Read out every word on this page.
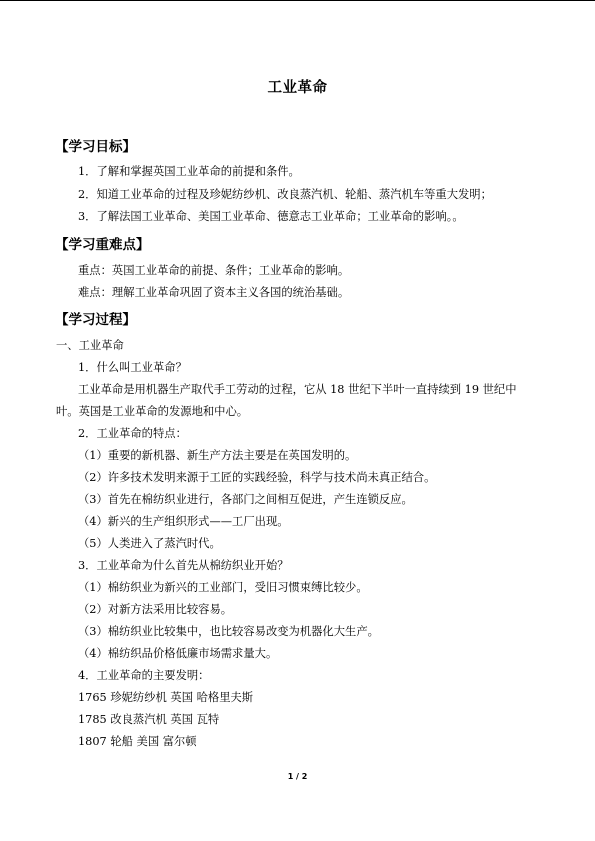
工业革命
【学习目标】
1．了解和掌握英国工业革命的前提和条件。
2．知道工业革命的过程及珍妮纺纱机、改良蒸汽机、轮船、蒸汽机车等重大发明；
3．了解法国工业革命、美国工业革命、德意志工业革命；工业革命的影响。。
【学习重难点】
重点：英国工业革命的前提、条件；工业革命的影响。
难点：理解工业革命巩固了资本主义各国的统治基础。
【学习过程】
一、工业革命
1．什么叫工业革命？
工业革命是用机器生产取代手工劳动的过程，它从 18 世纪下半叶一直持续到 19 世纪中
叶。英国是工业革命的发源地和中心。
2．工业革命的特点：
（1）重要的新机器、新生产方法主要是在英国发明的。
（2）许多技术发明来源于工匠的实践经验，科学与技术尚未真正结合。
（3）首先在棉纺织业进行，各部门之间相互促进，产生连锁反应。
（4）新兴的生产组织形式——工厂出现。
（5）人类进入了蒸汽时代。
3．工业革命为什么首先从棉纺织业开始？
（1）棉纺织业为新兴的工业部门，受旧习惯束缚比较少。
（2）对新方法采用比较容易。
（3）棉纺织业比较集中，也比较容易改变为机器化大生产。
（4）棉纺织品价格低廉市场需求量大。
4．工业革命的主要发明：
1765 珍妮纺纱机 英国 哈格里夫斯
1785 改良蒸汽机 英国 瓦特
1807 轮船 美国 富尔顿
1 / 2
